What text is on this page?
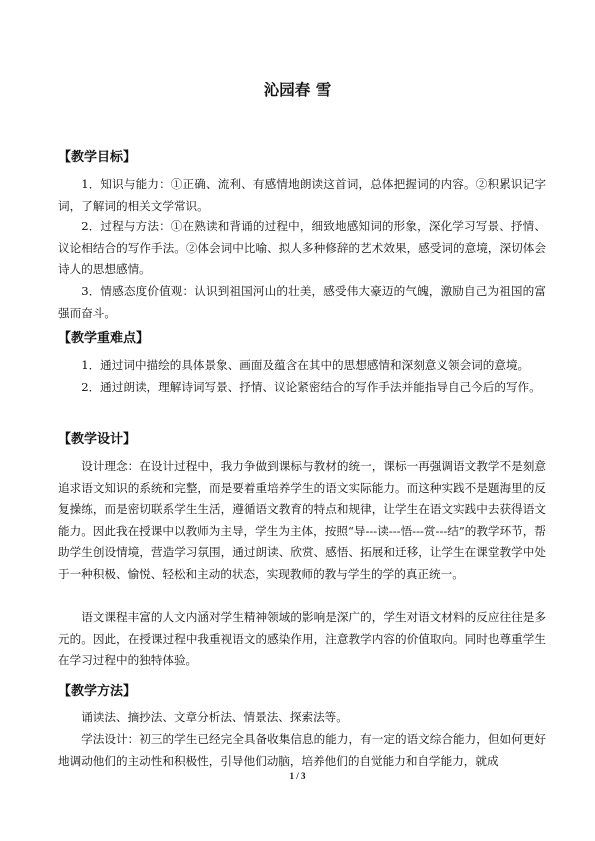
沁园春 雪
【教学目标】

1．知识与能力：①正确、流利、有感情地朗读这首词，总体把握词的内容。②积累识记字词，了解词的相关文学常识。

2．过程与方法：①在熟读和背诵的过程中，细致地感知词的形象，深化学习写景、抒情、议论相结合的写作手法。②体会词中比喻、拟人多种修辞的艺术效果，感受词的意境，深切体会诗人的思想感情。

3．情感态度价值观：认识到祖国河山的壮美，感受伟大豪迈的气魄，激励自己为祖国的富强而奋斗。

【教学重难点】

1．通过词中描绘的具体景象、画面及蕴含在其中的思想感情和深刻意义领会词的意境。

2．通过朗读，理解诗词写景、抒情、议论紧密结合的写作手法并能指导自己今后的写作。

【教学设计】

设计理念：在设计过程中，我力争做到课标与教材的统一，课标一再强调语文教学不是刻意追求语文知识的系统和完整，而是要着重培养学生的语文实际能力。而这种实践不是题海里的反复操练，而是密切联系学生生活，遵循语文教育的特点和规律，让学生在语文实践中去获得语文能力。因此我在授课中以教师为主导，学生为主体，按照“导---读---悟---赏---结”的教学环节，帮助学生创设情境，营造学习氛围，通过朗读、欣赏、感悟、拓展和迁移，让学生在课堂教学中处于一种积极、愉悦、轻松和主动的状态，实现教师的教与学生的学的真正统一。

语文课程丰富的人文内涵对学生精神领域的影响是深广的，学生对语文材料的反应往往是多元的。因此，在授课过程中我重视语文的感染作用，注意教学内容的价值取向。同时也尊重学生在学习过程中的独特体验。

【教学方法】

诵读法、摘抄法、文章分析法、情景法、探索法等。

学法设计：初三的学生已经完全具备收集信息的能力，有一定的语文综合能力，但如何更好地调动他们的主动性和积极性，引导他们动脑，培养他们的自觉能力和自学能力，就成

1 / 3
